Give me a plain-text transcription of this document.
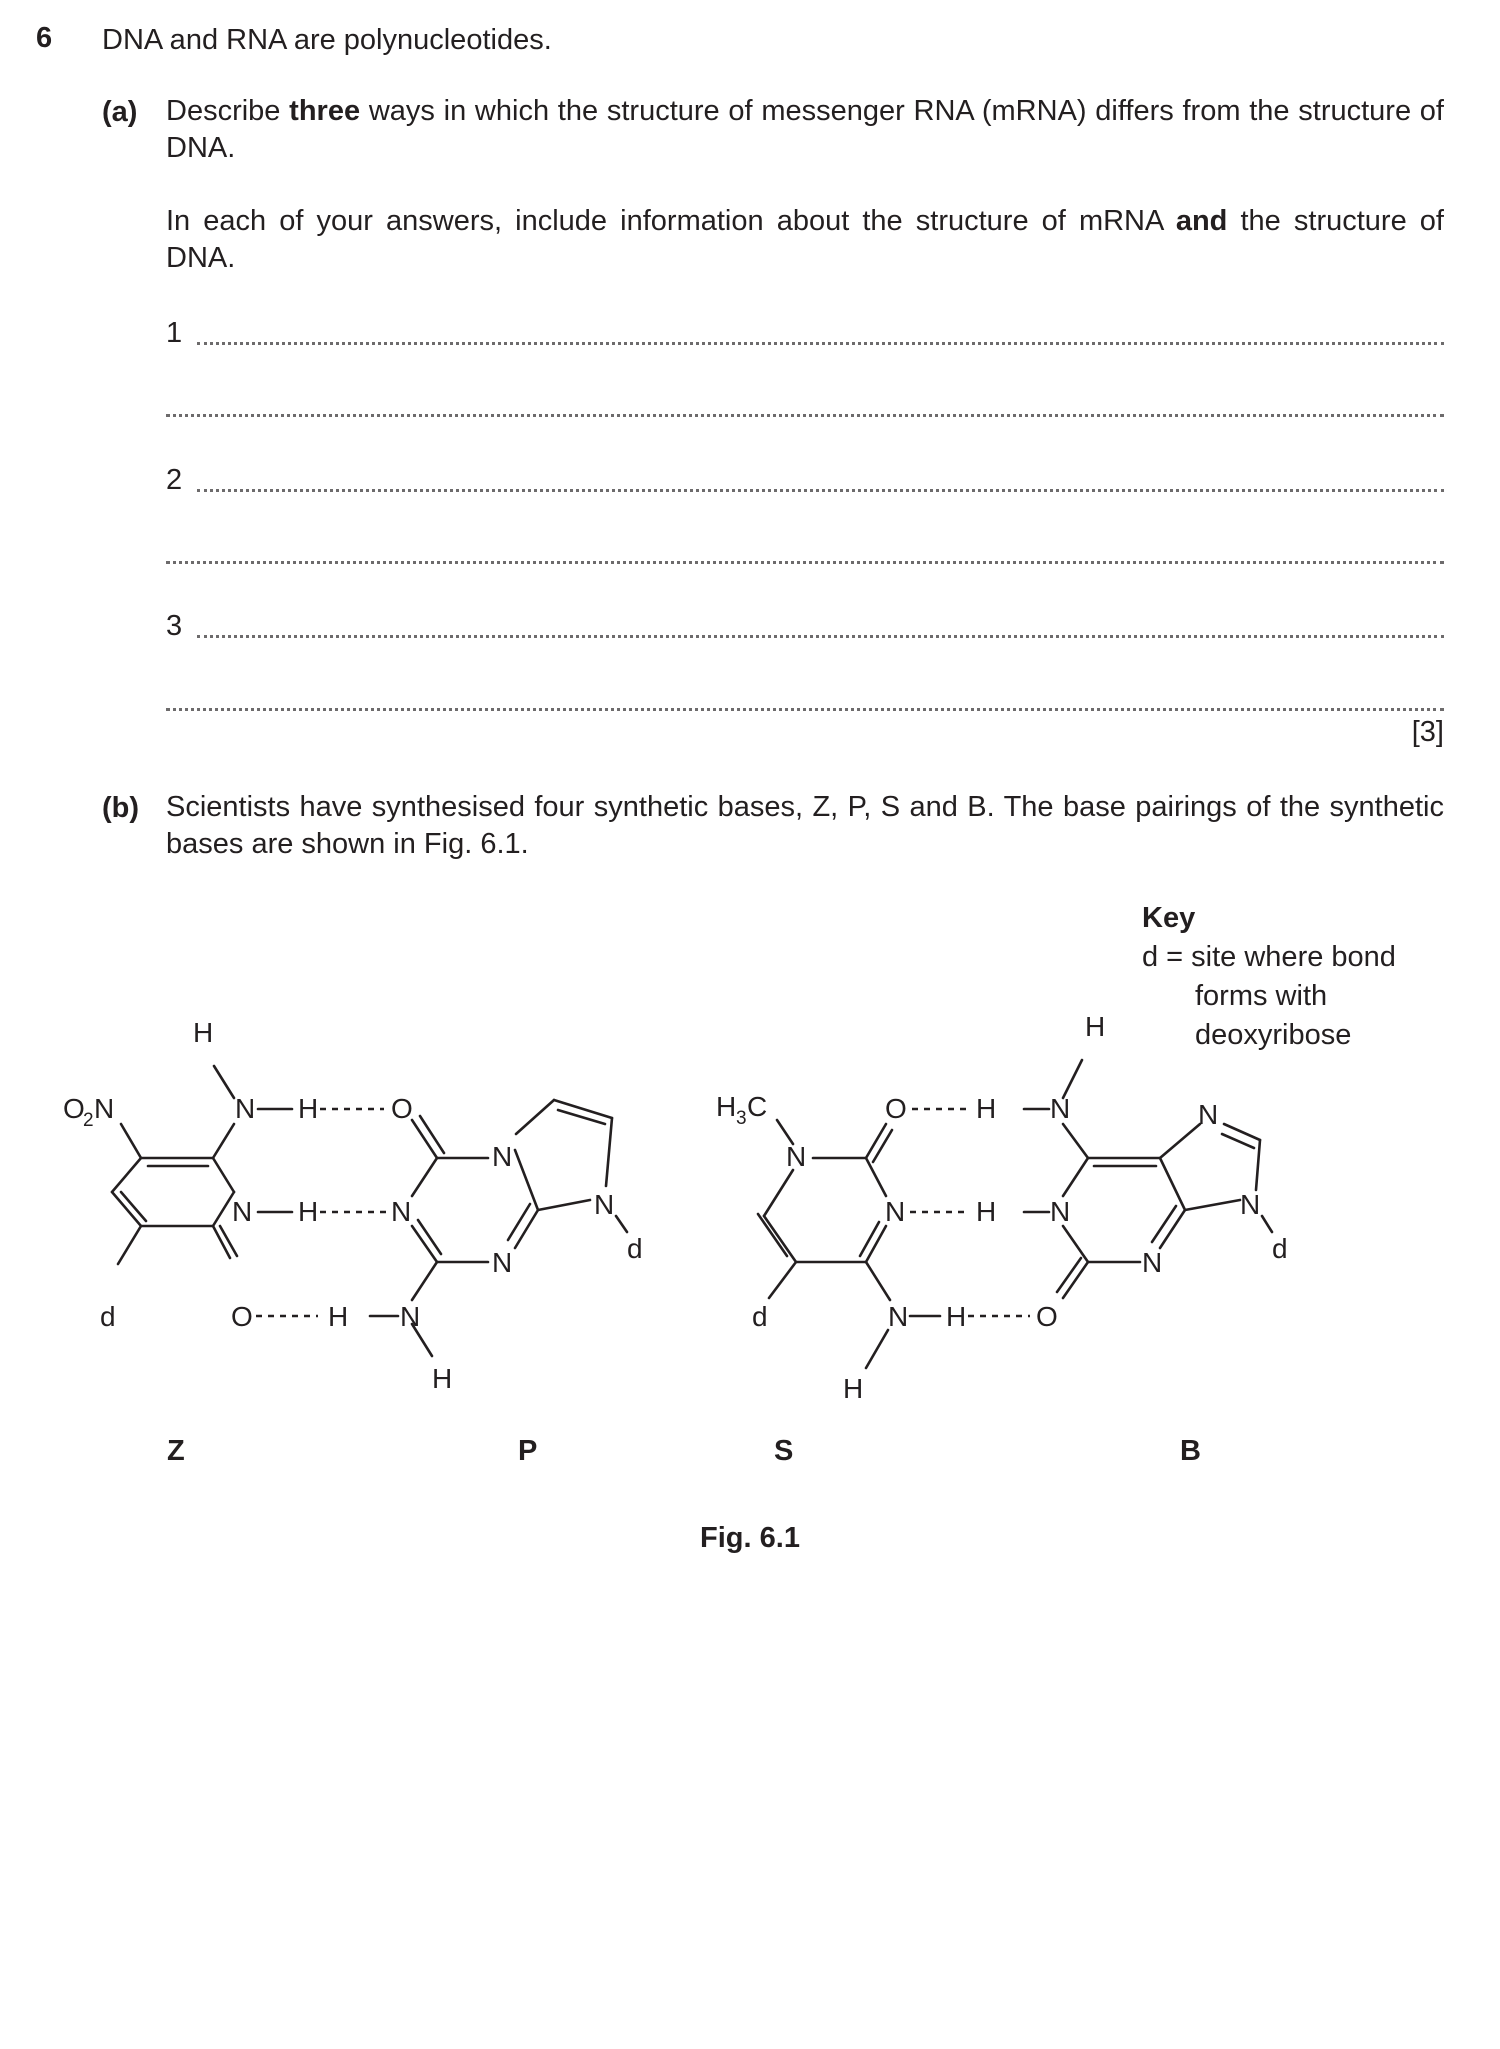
6 DNA and RNA are polynucleotides.
(a) Describe three ways in which the structure of messenger RNA (mRNA) differs from the structure of DNA.
In each of your answers, include information about the structure of mRNA and the structure of DNA.
1
2
3
[3]
(b) Scientists have synthesised four synthetic bases, Z, P, S and B. The base pairings of the synthetic bases are shown in Fig. 6.1.
Key
d = site where bond

forms with
deoxyribose
O
2 N
H
N H
N H
O
d
O
N
N
N
N
d
H N
H
H 3 C
N
O
N
d	N H
H
H N
H
H N
O
N
N
N
d
Z	P	S	B
Fig. 6.1
